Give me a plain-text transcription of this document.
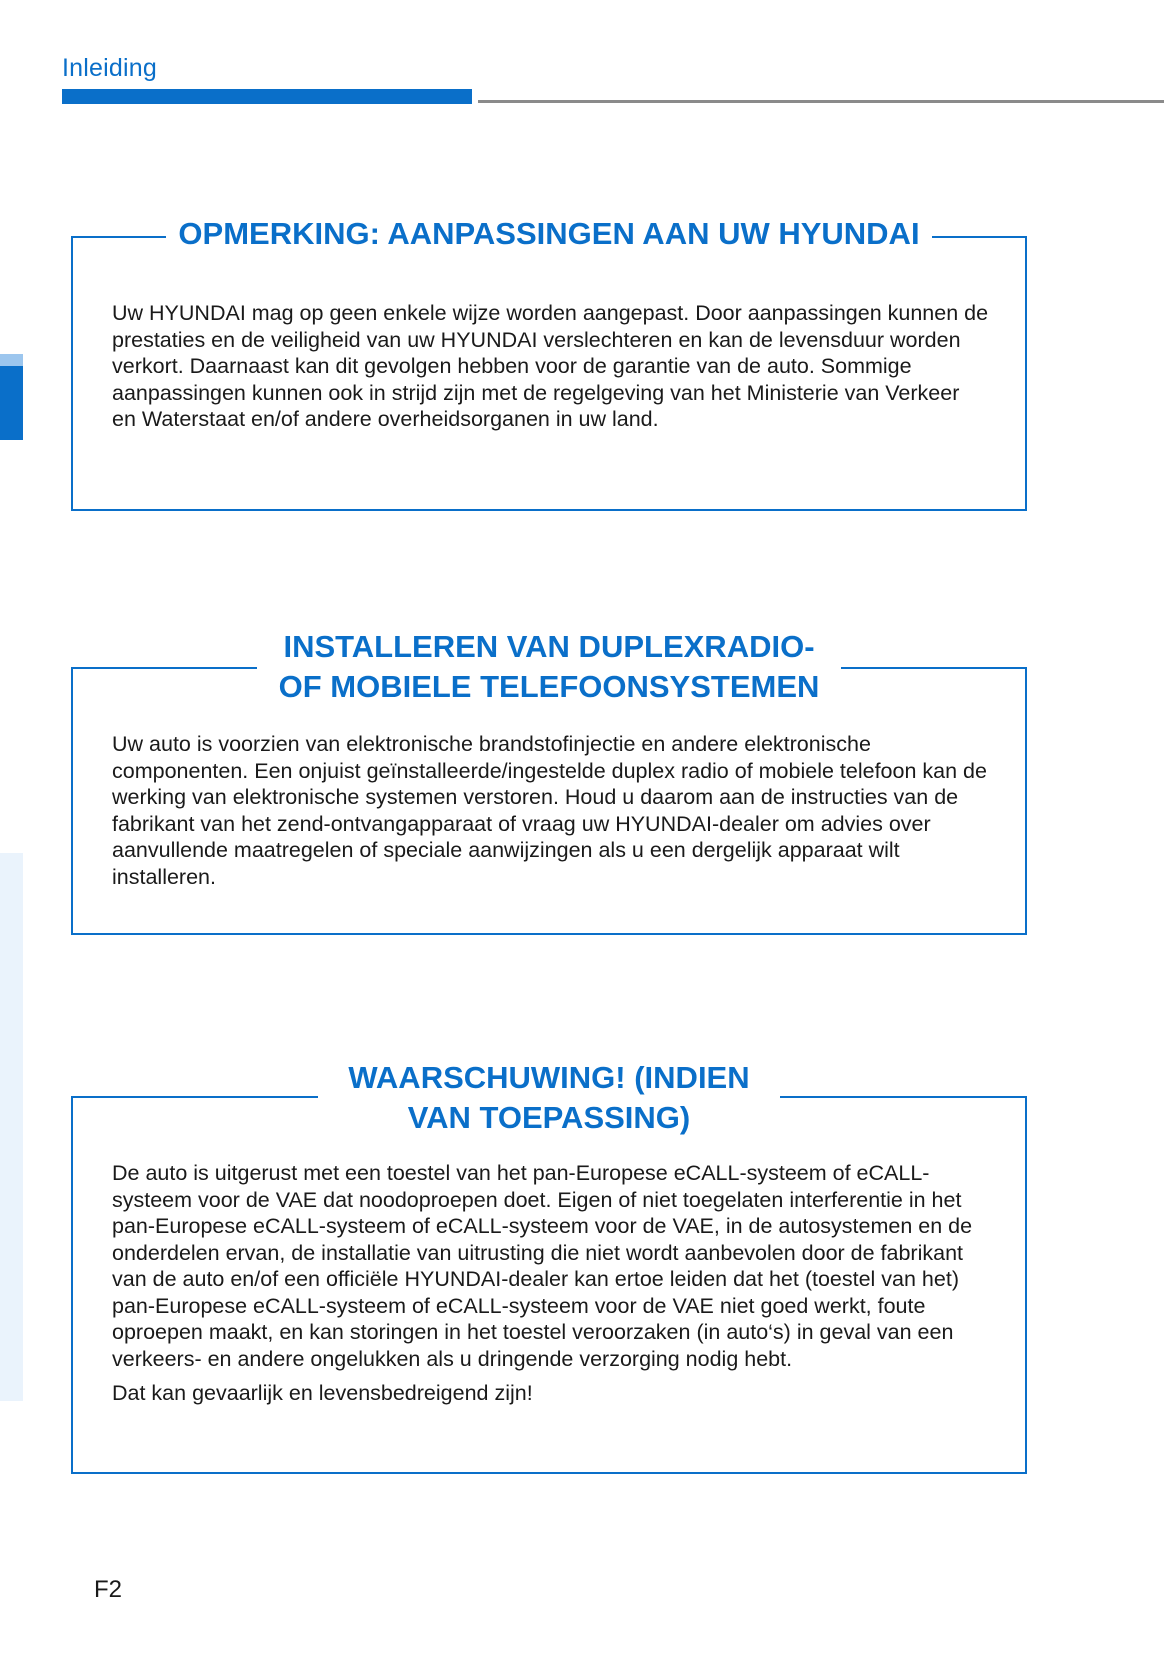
Inleiding
OPMERKING: AANPASSINGEN AAN UW HYUNDAI

Uw HYUNDAI mag op geen enkele wijze worden aangepast. Door aanpassingen kunnen de prestaties en de veiligheid van uw HYUNDAI verslechteren en kan de levensduur worden verkort. Daarnaast kan dit gevolgen hebben voor de garantie van de auto. Sommige aanpassingen kunnen ook in strijd zijn met de regelgeving van het Ministerie van Verkeer en Waterstaat en/of andere overheidsorganen in uw land.

INSTALLEREN VAN DUPLEXRADIO-
OF MOBIELE TELEFOONSYSTEMEN

Uw auto is voorzien van elektronische brandstofinjectie en andere elektronische componenten. Een onjuist geïnstalleerde/ingestelde duplex radio of mobiele telefoon kan de werking van elektronische systemen verstoren. Houd u daarom aan de instructies van de fabrikant van het zend-ontvangapparaat of vraag uw HYUNDAI-dealer om advies over aanvullende maatregelen of speciale aanwijzingen als u een dergelijk apparaat wilt installeren.

WAARSCHUWING! (INDIEN
VAN TOEPASSING)

De auto is uitgerust met een toestel van het pan-Europese eCALL-systeem of eCALL-systeem voor de VAE dat noodoproepen doet. Eigen of niet toegelaten interferentie in het pan-Europese eCALL-systeem of eCALL-systeem voor de VAE, in de autosystemen en de onderdelen ervan, de installatie van uitrusting die niet wordt aanbevolen door de fabrikant van de auto en/of een officiële HYUNDAI-dealer kan ertoe leiden dat het (toestel van het) pan-Europese eCALL-systeem of eCALL-systeem voor de VAE niet goed werkt, foute oproepen maakt, en kan storingen in het toestel veroorzaken (in auto‘s) in geval van een verkeers- en andere ongelukken als u dringende verzorging nodig hebt.

Dat kan gevaarlijk en levensbedreigend zijn!

F2
